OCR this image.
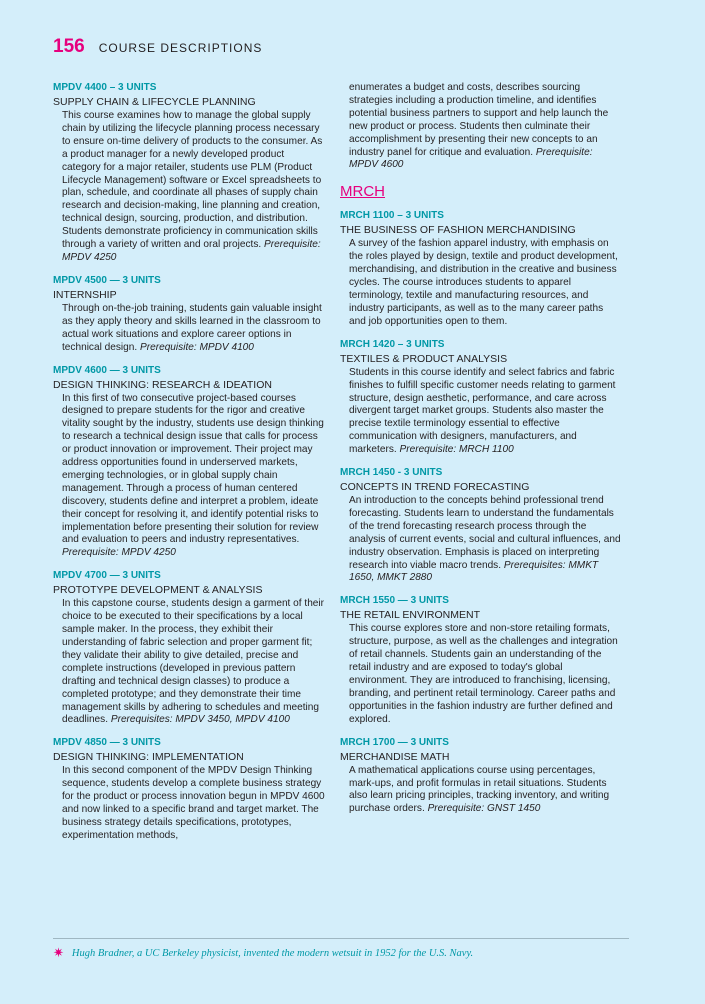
156 COURSE DESCRIPTIONS
MPDV 4400 – 3 UNITS
SUPPLY CHAIN & LIFECYCLE PLANNING
This course examines how to manage the global supply chain by utilizing the lifecycle planning process necessary to ensure on-time delivery of products to the consumer. As a product manager for a newly developed product category for a major retailer, students use PLM (Product Lifecycle Management) software or Excel spreadsheets to plan, schedule, and coordinate all phases of supply chain research and decision-making, line planning and creation, technical design, sourcing, production, and distribution. Students demonstrate proficiency in communication skills through a variety of written and oral projects. Prerequisite: MPDV 4250
MPDV 4500 — 3 UNITS
INTERNSHIP
Through on-the-job training, students gain valuable insight as they apply theory and skills learned in the classroom to actual work situations and explore career options in technical design. Prerequisite: MPDV 4100
MPDV 4600 — 3 UNITS
DESIGN THINKING: RESEARCH & IDEATION
In this first of two consecutive project-based courses designed to prepare students for the rigor and creative vitality sought by the industry, students use design thinking to research a technical design issue that calls for process or product innovation or improvement. Their project may address opportunities found in underserved markets, emerging technologies, or in global supply chain management. Through a process of human centered discovery, students define and interpret a problem, ideate their concept for resolving it, and identify potential risks to implementation before presenting their solution for review and evaluation to peers and industry representatives. Prerequisite: MPDV 4250
MPDV 4700 — 3 UNITS
PROTOTYPE DEVELOPMENT & ANALYSIS
In this capstone course, students design a garment of their choice to be executed to their specifications by a local sample maker. In the process, they exhibit their understanding of fabric selection and proper garment fit; they validate their ability to give detailed, precise and complete instructions (developed in previous pattern drafting and technical design classes) to produce a completed prototype; and they demonstrate their time management skills by adhering to schedules and meeting deadlines. Prerequisites: MPDV 3450, MPDV 4100
MPDV 4850 — 3 UNITS
DESIGN THINKING: IMPLEMENTATION
In this second component of the MPDV Design Thinking sequence, students develop a complete business strategy for the product or process innovation begun in MPDV 4600 and now linked to a specific brand and target market. The business strategy details specifications, prototypes, experimentation methods,
enumerates a budget and costs, describes sourcing strategies including a production timeline, and identifies potential business partners to support and help launch the new product or process. Students then culminate their accomplishment by presenting their new concepts to an industry panel for critique and evaluation. Prerequisite: MPDV 4600
MRCH
MRCH 1100 – 3 UNITS
THE BUSINESS OF FASHION MERCHANDISING
A survey of the fashion apparel industry, with emphasis on the roles played by design, textile and product development, merchandising, and distribution in the creative and business cycles. The course introduces students to apparel terminology, textile and manufacturing resources, and industry participants, as well as to the many career paths and job opportunities open to them.
MRCH 1420 – 3 UNITS
TEXTILES & PRODUCT ANALYSIS
Students in this course identify and select fabrics and fabric finishes to fulfill specific customer needs relating to garment structure, design aesthetic, performance, and care across divergent target market groups. Students also master the precise textile terminology essential to effective communication with designers, manufacturers, and marketers. Prerequisite: MRCH 1100
MRCH 1450 - 3 UNITS
CONCEPTS IN TREND FORECASTING
An introduction to the concepts behind professional trend forecasting. Students learn to understand the fundamentals of the trend forecasting research process through the analysis of current events, social and cultural influences, and industry observation. Emphasis is placed on interpreting research into viable macro trends. Prerequisites: MMKT 1650, MMKT 2880
MRCH 1550 — 3 UNITS
THE RETAIL ENVIRONMENT
This course explores store and non-store retailing formats, structure, purpose, as well as the challenges and integration of retail channels. Students gain an understanding of the retail industry and are exposed to today's global environment. They are introduced to franchising, licensing, branding, and pertinent retail terminology. Career paths and opportunities in the fashion industry are further defined and explored.
MRCH 1700 — 3 UNITS
MERCHANDISE MATH
A mathematical applications course using percentages, mark-ups, and profit formulas in retail situations. Students also learn pricing principles, tracking inventory, and writing purchase orders. Prerequisite: GNST 1450
✷ Hugh Bradner, a UC Berkeley physicist, invented the modern wetsuit in 1952 for the U.S. Navy.
